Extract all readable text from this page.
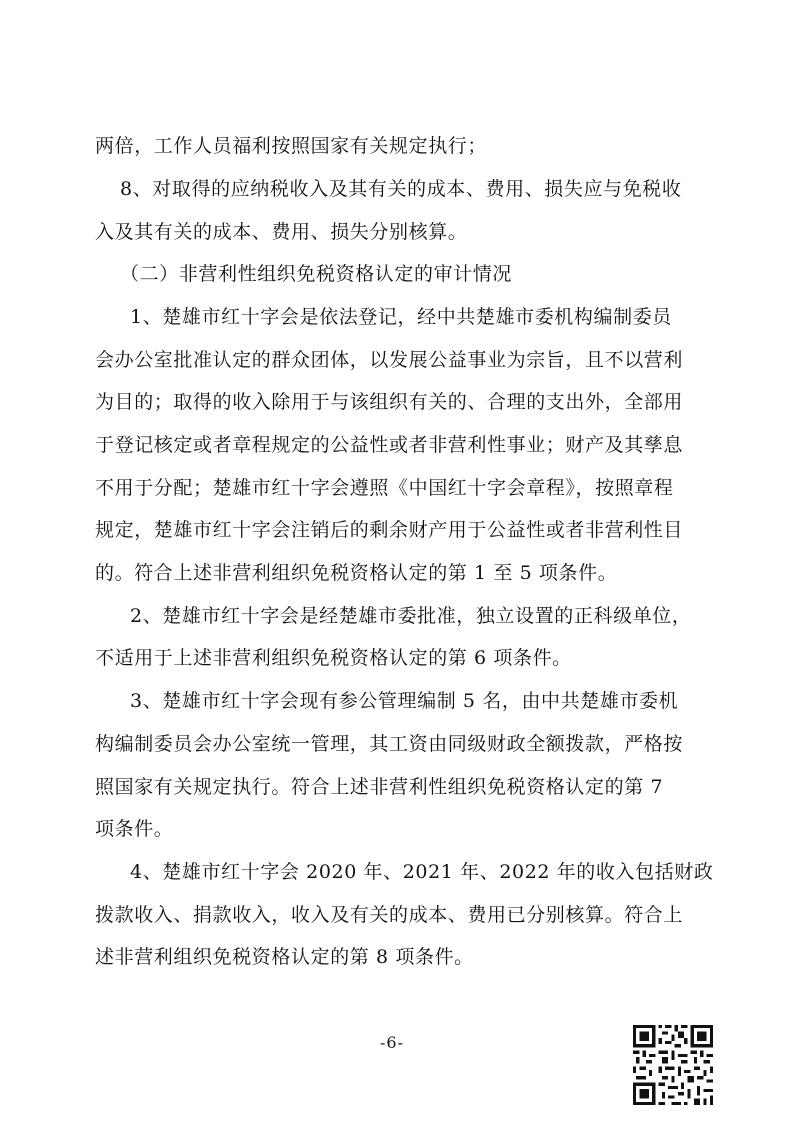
两倍，工作人员福利按照国家有关规定执行；
8、对取得的应纳税收入及其有关的成本、费用、损失应与免税收
入及其有关的成本、费用、损失分别核算。
（二）非营利性组织免税资格认定的审计情况
1、楚雄市红十字会是依法登记，经中共楚雄市委机构编制委员
会办公室批准认定的群众团体，以发展公益事业为宗旨，且不以营利
为目的；取得的收入除用于与该组织有关的、合理的支出外，全部用
于登记核定或者章程规定的公益性或者非营利性事业；财产及其孳息
不用于分配；楚雄市红十字会遵照《中国红十字会章程》，按照章程
规定，楚雄市红十字会注销后的剩余财产用于公益性或者非营利性目
的。符合上述非营利组织免税资格认定的第 1 至 5 项条件。
2、楚雄市红十字会是经楚雄市委批准，独立设置的正科级单位，
不适用于上述非营利组织免税资格认定的第 6 项条件。
3、楚雄市红十字会现有参公管理编制 5 名，由中共楚雄市委机
构编制委员会办公室统一管理，其工资由同级财政全额拨款，严格按
照国家有关规定执行。符合上述非营利性组织免税资格认定的第 7
项条件。
4、楚雄市红十字会 2020 年、2021 年、2022 年的收入包括财政
拨款收入、捐款收入，收入及有关的成本、费用已分别核算。符合上
述非营利组织免税资格认定的第 8 项条件。
-6-
